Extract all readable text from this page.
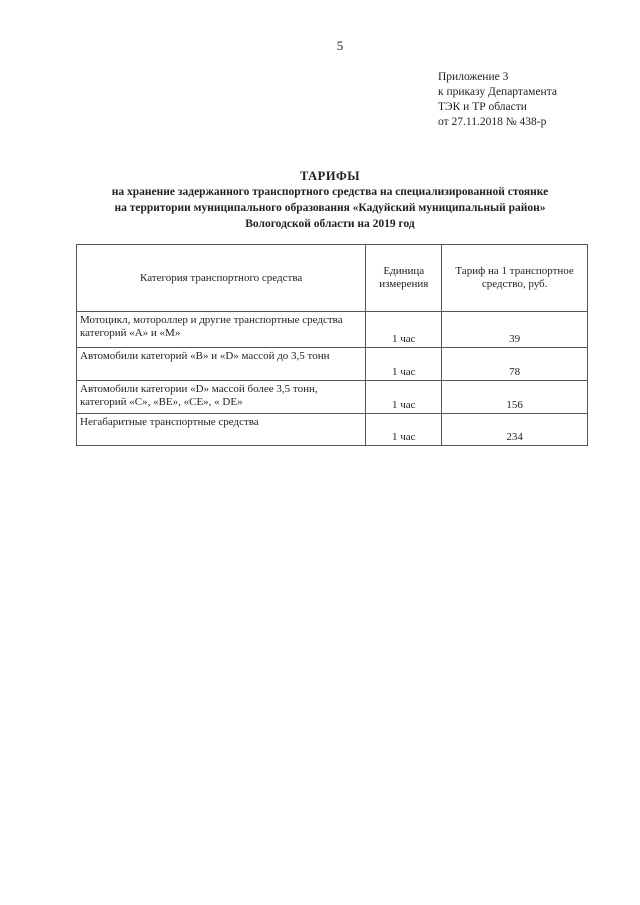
5
Приложение 3
к приказу Департамента
ТЭК и ТР области
от 27.11.2018 № 438-р
ТАРИФЫ
на хранение задержанного транспортного средства на специализированной стоянке
на территории муниципального образования «Кадуйский муниципальный район»
Вологодской области на 2019 год
Категория транспортного средства	Единица измерения	Тариф на 1 транспортное средство, руб.
Мотоцикл, мотороллер и другие транспортные средства категорий «А» и «М»	1 час	39
Автомобили категорий «В» и «D» массой до 3,5 тонн	1 час	78
Автомобили категории «D» массой более 3,5 тонн, категорий «С», «ВЕ», «СЕ», « DE»	1 час	156
Негабаритные транспортные средства	1 час	234
